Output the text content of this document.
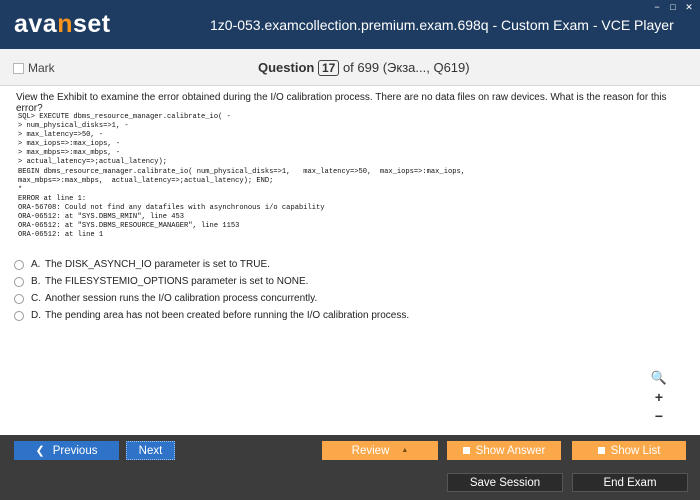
avanset	1z0-053.examcollection.premium.exam.698q - Custom Exam - VCE Player
− □ ✕
Mark	Question 17 of 699 (Экза..., Q619)
View the Exhibit to examine the error obtained during the I/O calibration process. There are no data files on raw devices. What is the reason for this error?
SQL> EXECUTE dbms_resource_manager.calibrate_io( -
> num_physical_disks=>1, -
> max_latency=>50, -
> max_iops=>:max_iops, -
> max_mbps=>:max_mbps, -
> actual_latency=>;actual_latency);
BEGIN dbms_resource_manager.calibrate_io( num_physical_disks=>1,   max_latency=>50,  max_iops=>:max_iops,
max_mbps=>:max_mbps,  actual_latency=>;actual_latency); END;
*
ERROR at line 1:
ORA-56708: Could not find any datafiles with asynchronous i/o capability
ORA-06512: at "SYS.DBMS_RMIN", line 453
ORA-06512: at "SYS.DBMS_RESOURCE_MANAGER", line 1153
ORA-06512: at line 1
A. The DISK_ASYNCH_IO parameter is set to TRUE.
B. The FILESYSTEMIO_OPTIONS parameter is set to NONE.
C. Another session runs the I/O calibration process concurrently.
D. The pending area has not been created before running the I/O calibration process.
🔍
+
−
❮ Previous	Next	Review ▲	Show Answer	Show List
Save Session	End Exam
